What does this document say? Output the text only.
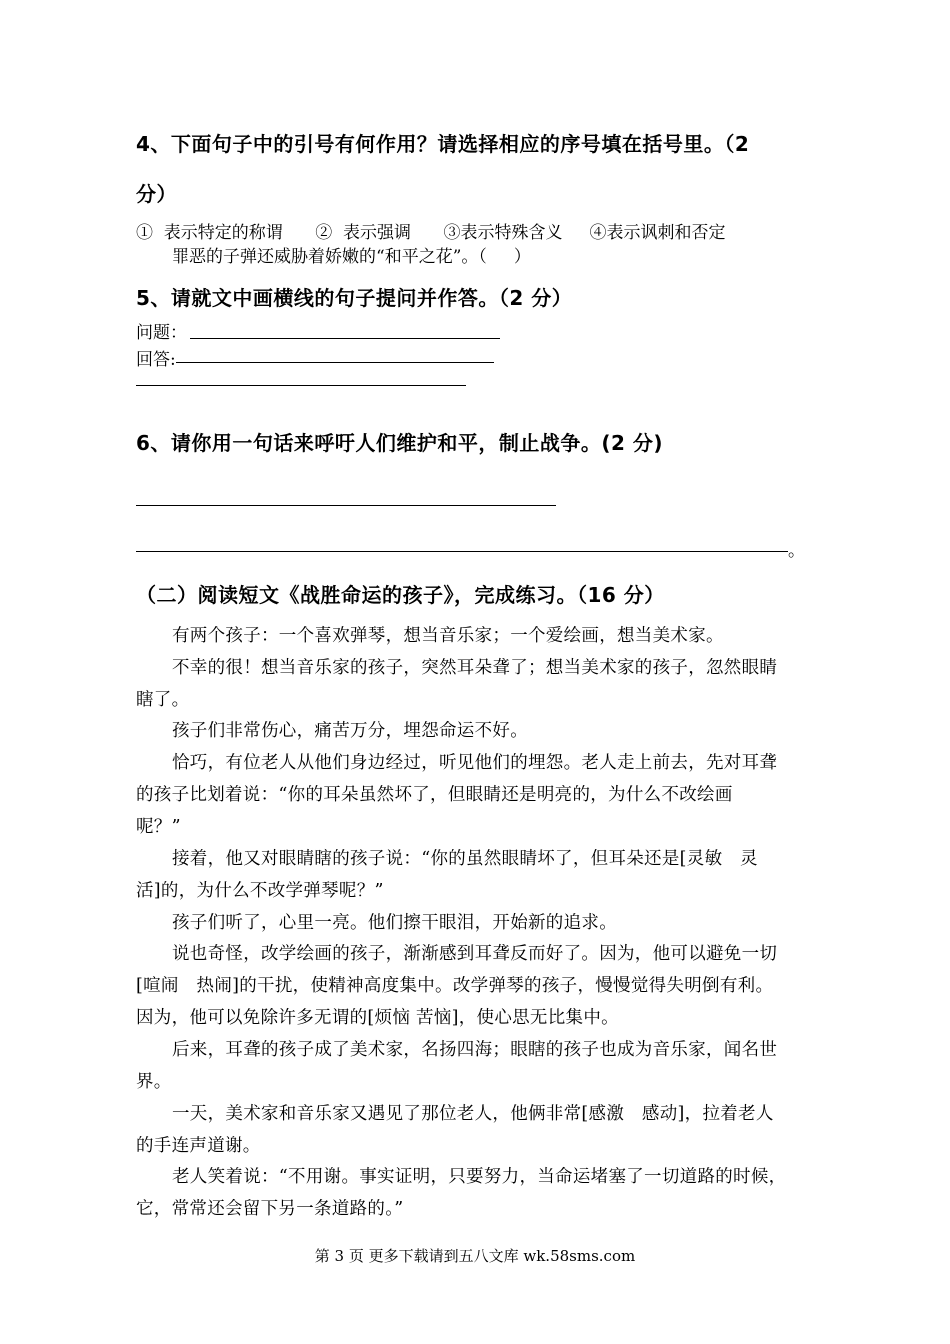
4、下面句子中的引号有何作用？请选择相应的序号填在括号里。（2
分）
①  表示特定的称谓      ②  表示强调      ③表示特殊含义     ④表示讽刺和否定
罪恶的子弹还威胁着娇嫩的“和平之花”。（     ）
5、请就文中画横线的句子提问并作答。（2 分）
问题：
回答:
6、请你用一句话来呼吁人们维护和平，制止战争。(2 分)
。
（二）阅读短文《战胜命运的孩子》，完成练习。（16 分）
有两个孩子：一个喜欢弹琴，想当音乐家；一个爱绘画，想当美术家。
不幸的很！想当音乐家的孩子，突然耳朵聋了；想当美术家的孩子，忽然眼睛
瞎了。
孩子们非常伤心，痛苦万分，埋怨命运不好。
恰巧，有位老人从他们身边经过，听见他们的埋怨。老人走上前去，先对耳聋
的孩子比划着说：“你的耳朵虽然坏了，但眼睛还是明亮的，为什么不改绘画
呢？”
接着，他又对眼睛瞎的孩子说：“你的虽然眼睛坏了，但耳朵还是[灵敏　灵
活]的，为什么不改学弹琴呢？”
孩子们听了，心里一亮。他们擦干眼泪，开始新的追求。
说也奇怪，改学绘画的孩子，渐渐感到耳聋反而好了。因为，他可以避免一切
[喧闹　热闹]的干扰，使精神高度集中。改学弹琴的孩子，慢慢觉得失明倒有利。
因为，他可以免除许多无谓的[烦恼 苦恼]，使心思无比集中。
后来，耳聋的孩子成了美术家，名扬四海；眼瞎的孩子也成为音乐家，闻名世
界。
一天，美术家和音乐家又遇见了那位老人，他俩非常[感激　感动]，拉着老人
的手连声道谢。
老人笑着说：“不用谢。事实证明，只要努力，当命运堵塞了一切道路的时候，
它，常常还会留下另一条道路的。”
第 3 页 更多下载请到五八文库 wk.58sms.com
